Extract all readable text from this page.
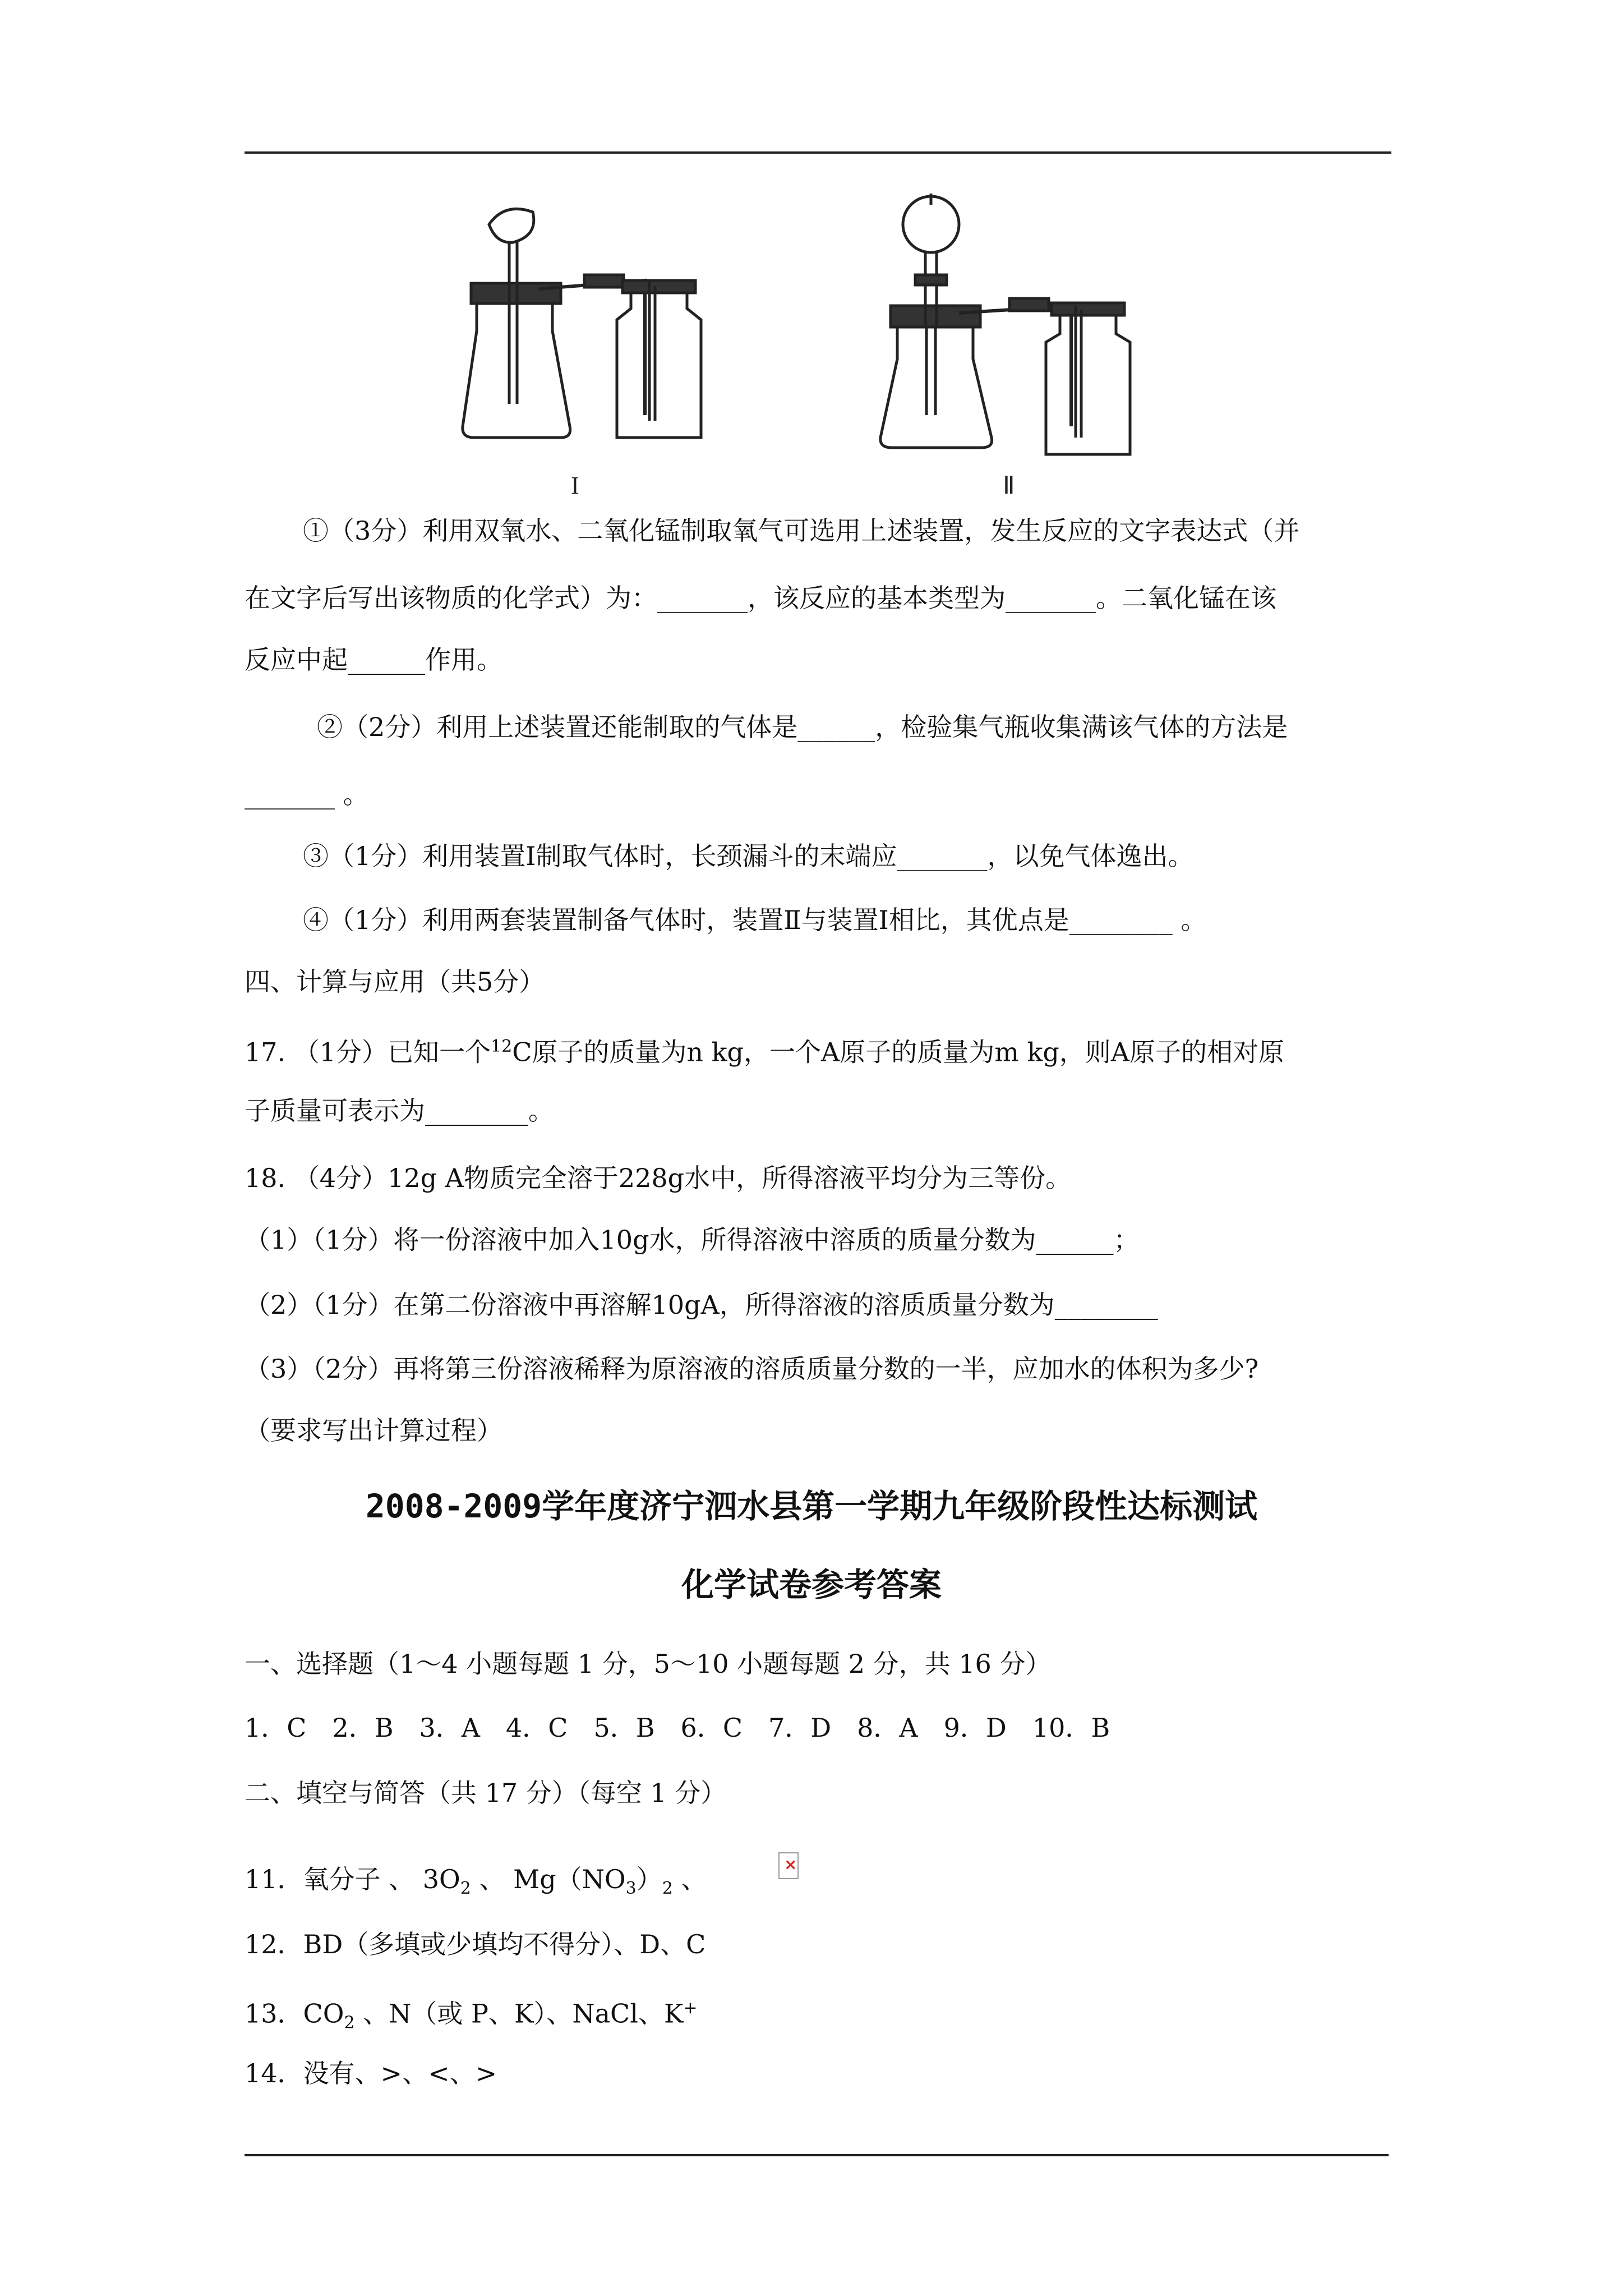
I	Ⅱ
①（3分）利用双氧水、二氧化锰制取氧气可选用上述装置，发生反应的文字表达式（并
在文字后写出该物质的化学式）为：_______，该反应的基本类型为_______。二氧化锰在该
反应中起______作用。
②（2分）利用上述装置还能制取的气体是______，检验集气瓶收集满该气体的方法是
_______ 。
③（1分）利用装置I制取气体时，长颈漏斗的末端应_______，以免气体逸出。
④（1分）利用两套装置制备气体时，装置Ⅱ与装置I相比，其优点是________ 。
四、计算与应用（共5分）
17. （1分）已知一个$^{12}$C原子的质量为n kg，一个A原子的质量为m kg，则A原子的相对原
子质量可表示为________。
18. （4分）12g A物质完全溶于228g水中，所得溶液平均分为三等份。
（1）（1分）将一份溶液中加入10g水，所得溶液中溶质的质量分数为______；
（2）（1分）在第二份溶液中再溶解10gA，所得溶液的溶质质量分数为________
（3）（2分）再将第三份溶液稀释为原溶液的溶质质量分数的一半，应加水的体积为多少?
（要求写出计算过程）
2008-2009学年度济宁泗水县第一学期九年级阶段性达标测试
化学试卷参考答案
一、选择题（1～4 小题每题 1 分，5～10 小题每题 2 分，共 16 分）
1．C　2．B　3．A　4．C　5．B　6．C　7．D　8．A　9．D　10．B
二、填空与简答（共 17 分）（每空 1 分）
11．氧分子 、 $3O_2$ 、 $Mg(NO_3)_2$ 、	×
12．BD（多填或少填均不得分）、D、C
13．$CO_2$ 、N（或 P、K）、NaCl、K+
14．没有、>、<、>
